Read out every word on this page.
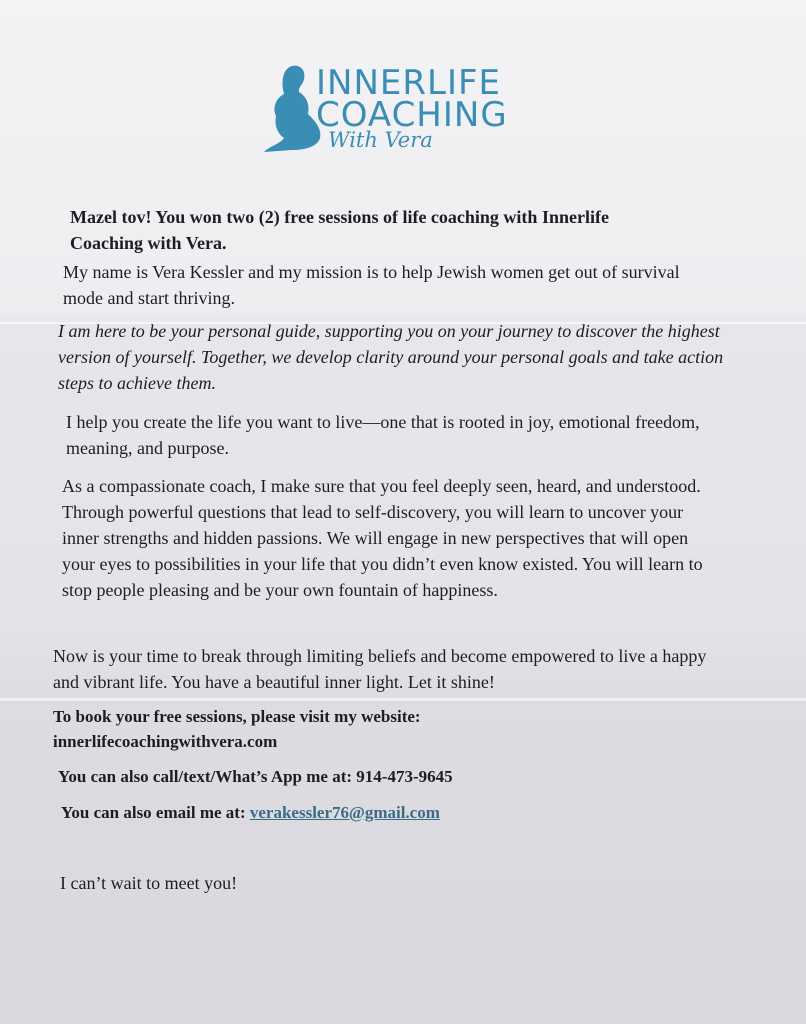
INNERLIFE
COACHING
With Vera

Mazel tov! You won two (2) free sessions of life coaching with Innerlife Coaching with Vera.

My name is Vera Kessler and my mission is to help Jewish women get out of survival mode and start thriving.

I am here to be your personal guide, supporting you on your journey to discover the highest version of yourself. Together, we develop clarity around your personal goals and take action steps to achieve them.

I help you create the life you want to live—one that is rooted in joy, emotional freedom, meaning, and purpose.

As a compassionate coach, I make sure that you feel deeply seen, heard, and understood. Through powerful questions that lead to self-discovery, you will learn to uncover your inner strengths and hidden passions. We will engage in new perspectives that will open your eyes to possibilities in your life that you didn’t even know existed. You will learn to stop people pleasing and be your own fountain of happiness.

Now is your time to break through limiting beliefs and become empowered to live a happy and vibrant life. You have a beautiful inner light. Let it shine!

To book your free sessions, please visit my website:
innerlifecoachingwithvera.com

You can also call/text/What’s App me at: 914-473-9645

You can also email me at: verakessler76@gmail.com

I can’t wait to meet you!
